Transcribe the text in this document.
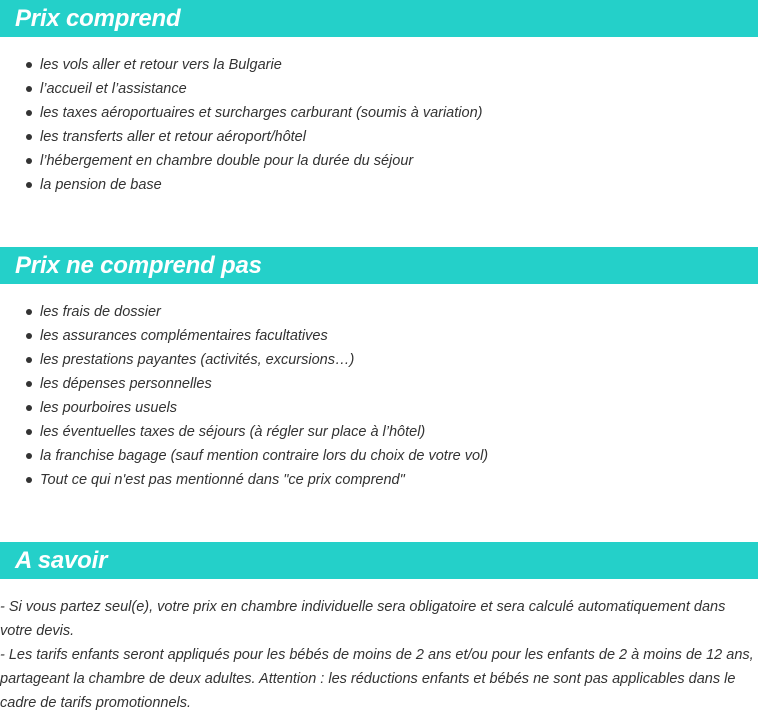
Prix comprend
les vols aller et retour vers la Bulgarie
l’accueil et l’assistance
les taxes aéroportuaires et surcharges carburant (soumis à variation)
les transferts aller et retour aéroport/hôtel
l’hébergement en chambre double pour la durée du séjour
la pension de base
Prix ne comprend pas
les frais de dossier
les assurances complémentaires facultatives
les prestations payantes (activités, excursions…)
les dépenses personnelles
les pourboires usuels
les éventuelles taxes de séjours (à régler sur place à l’hôtel)
la franchise bagage (sauf mention contraire lors du choix de votre vol)
Tout ce qui n'est pas mentionné dans "ce prix comprend"
A savoir

- Si vous partez seul(e), votre prix en chambre individuelle sera obligatoire et sera calculé automatiquement dans votre devis.

- Les tarifs enfants seront appliqués pour les bébés de moins de 2 ans et/ou pour les enfants de 2 à moins de 12 ans, partageant la chambre de deux adultes. Attention : les réductions enfants et bébés ne sont pas applicables dans le cadre de tarifs promotionnels.
